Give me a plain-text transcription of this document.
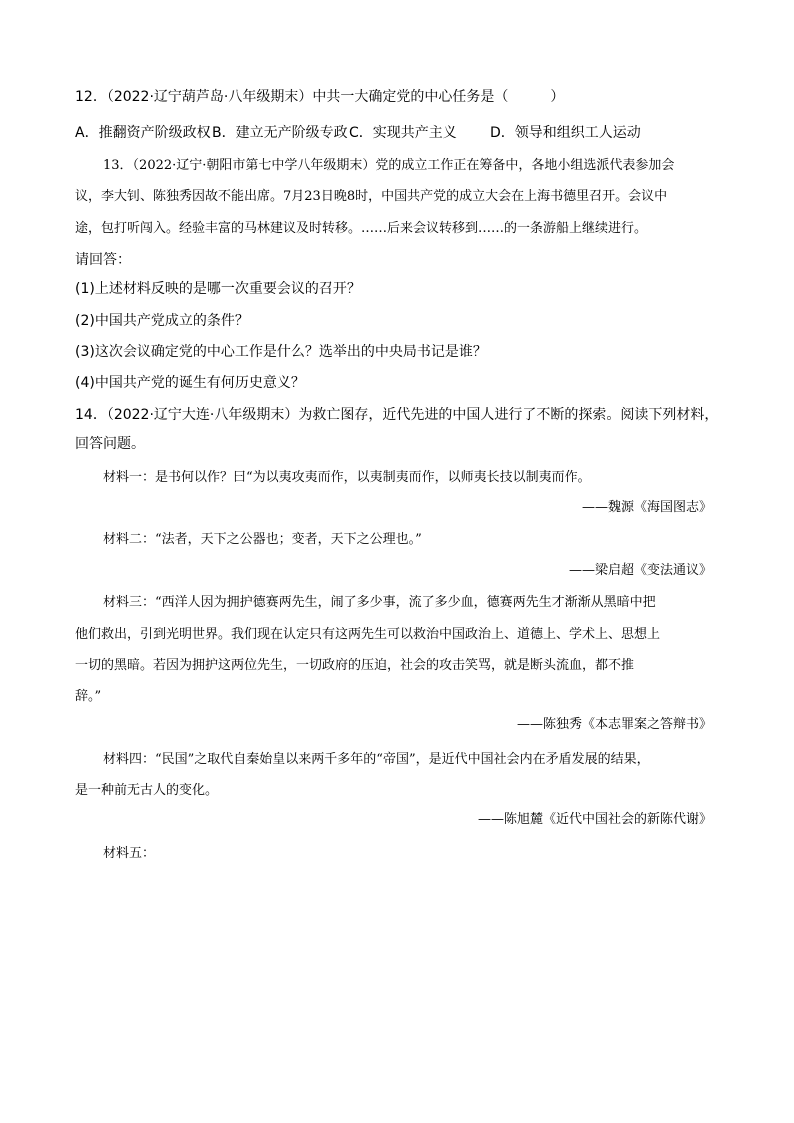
12．（2022·辽宁葫芦岛·八年级期末）中共一大确定党的中心任务是（　　　）
A．推翻资产阶级政权 B．建立无产阶级专政 C．实现共产主义 D．领导和组织工人运动
13．（2022·辽宁·朝阳市第七中学八年级期末）党的成立工作正在筹备中，各地小组选派代表参加会
议，李大钊、陈独秀因故不能出席。7月23日晚8时，中国共产党的成立大会在上海书德里召开。会议中
途，包打听闯入。经验丰富的马林建议及时转移。……后来会议转移到……的一条游船上继续进行。
请回答：
(1)上述材料反映的是哪一次重要会议的召开？
(2)中国共产党成立的条件？
(3)这次会议确定党的中心工作是什么？选举出的中央局书记是谁？
(4)中国共产党的诞生有何历史意义？
14．（2022·辽宁大连·八年级期末）为救亡图存，近代先进的中国人进行了不断的探索。阅读下列材料，
回答问题。
材料一：是书何以作？曰“为以夷攻夷而作，以夷制夷而作，以师夷长技以制夷而作。
——魏源《海国图志》
材料二：“法者，天下之公器也；变者，天下之公理也。”
——梁启超《变法通议》
材料三：“西洋人因为拥护德赛两先生，闹了多少事，流了多少血，德赛两先生才渐渐从黑暗中把
他们救出，引到光明世界。我们现在认定只有这两先生可以救治中国政治上、道德上、学术上、思想上
一切的黑暗。若因为拥护这两位先生，一切政府的压迫，社会的攻击笑骂，就是断头流血，都不推
辞。”
——陈独秀《本志罪案之答辩书》
材料四：“民国”之取代自秦始皇以来两千多年的“帝国”，是近代中国社会内在矛盾发展的结果，
是一种前无古人的变化。
——陈旭麓《近代中国社会的新陈代谢》
材料五：
